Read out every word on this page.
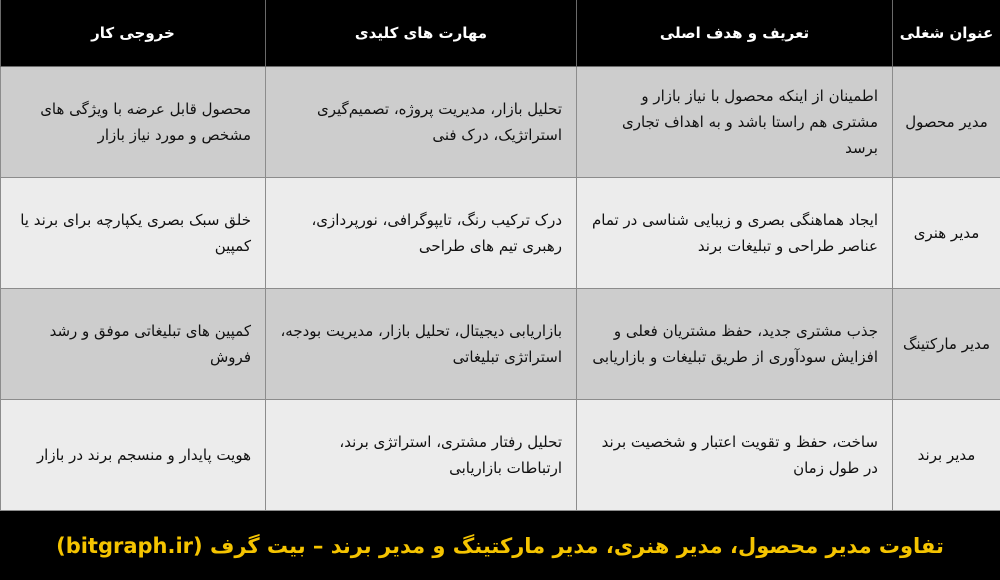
عنوان شغلی	تعریف و هدف اصلی	مهارت های کلیدی	خروجی کار
مدیر محصول	اطمینان از اینکه محصول با نیاز بازار و مشتری هم راستا باشد و به اهداف تجاری برسد	تحلیل بازار، مدیریت پروژه، تصمیم‌گیری استراتژیک، درک فنی	محصول قابل عرضه با ویژگی های مشخص و مورد نیاز بازار
مدیر هنری	ایجاد هماهنگی بصری و زیبایی شناسی در تمام عناصر طراحی و تبلیغات برند	درک ترکیب رنگ، تایپوگرافی، نورپردازی، رهبری تیم های طراحی	خلق سبک بصری یکپارچه برای برند یا کمپین
مدیر مارکتینگ	جذب مشتری جدید، حفظ مشتریان فعلی و افزایش سودآوری از طریق تبلیغات و بازاریابی	بازاریابی دیجیتال، تحلیل بازار، مدیریت بودجه، استراتژی تبلیغاتی	کمپین های تبلیغاتی موفق و رشد فروش
مدیر برند	ساخت، حفظ و تقویت اعتبار و شخصیت برند در طول زمان	تحلیل رفتار مشتری، استراتژی برند، ارتباطات بازاریابی	هویت پایدار و منسجم برند در بازار
تفاوت مدیر محصول، مدیر هنری، مدیر مارکتینگ و مدیر برند – بیت گرف (bitgraph.ir)
